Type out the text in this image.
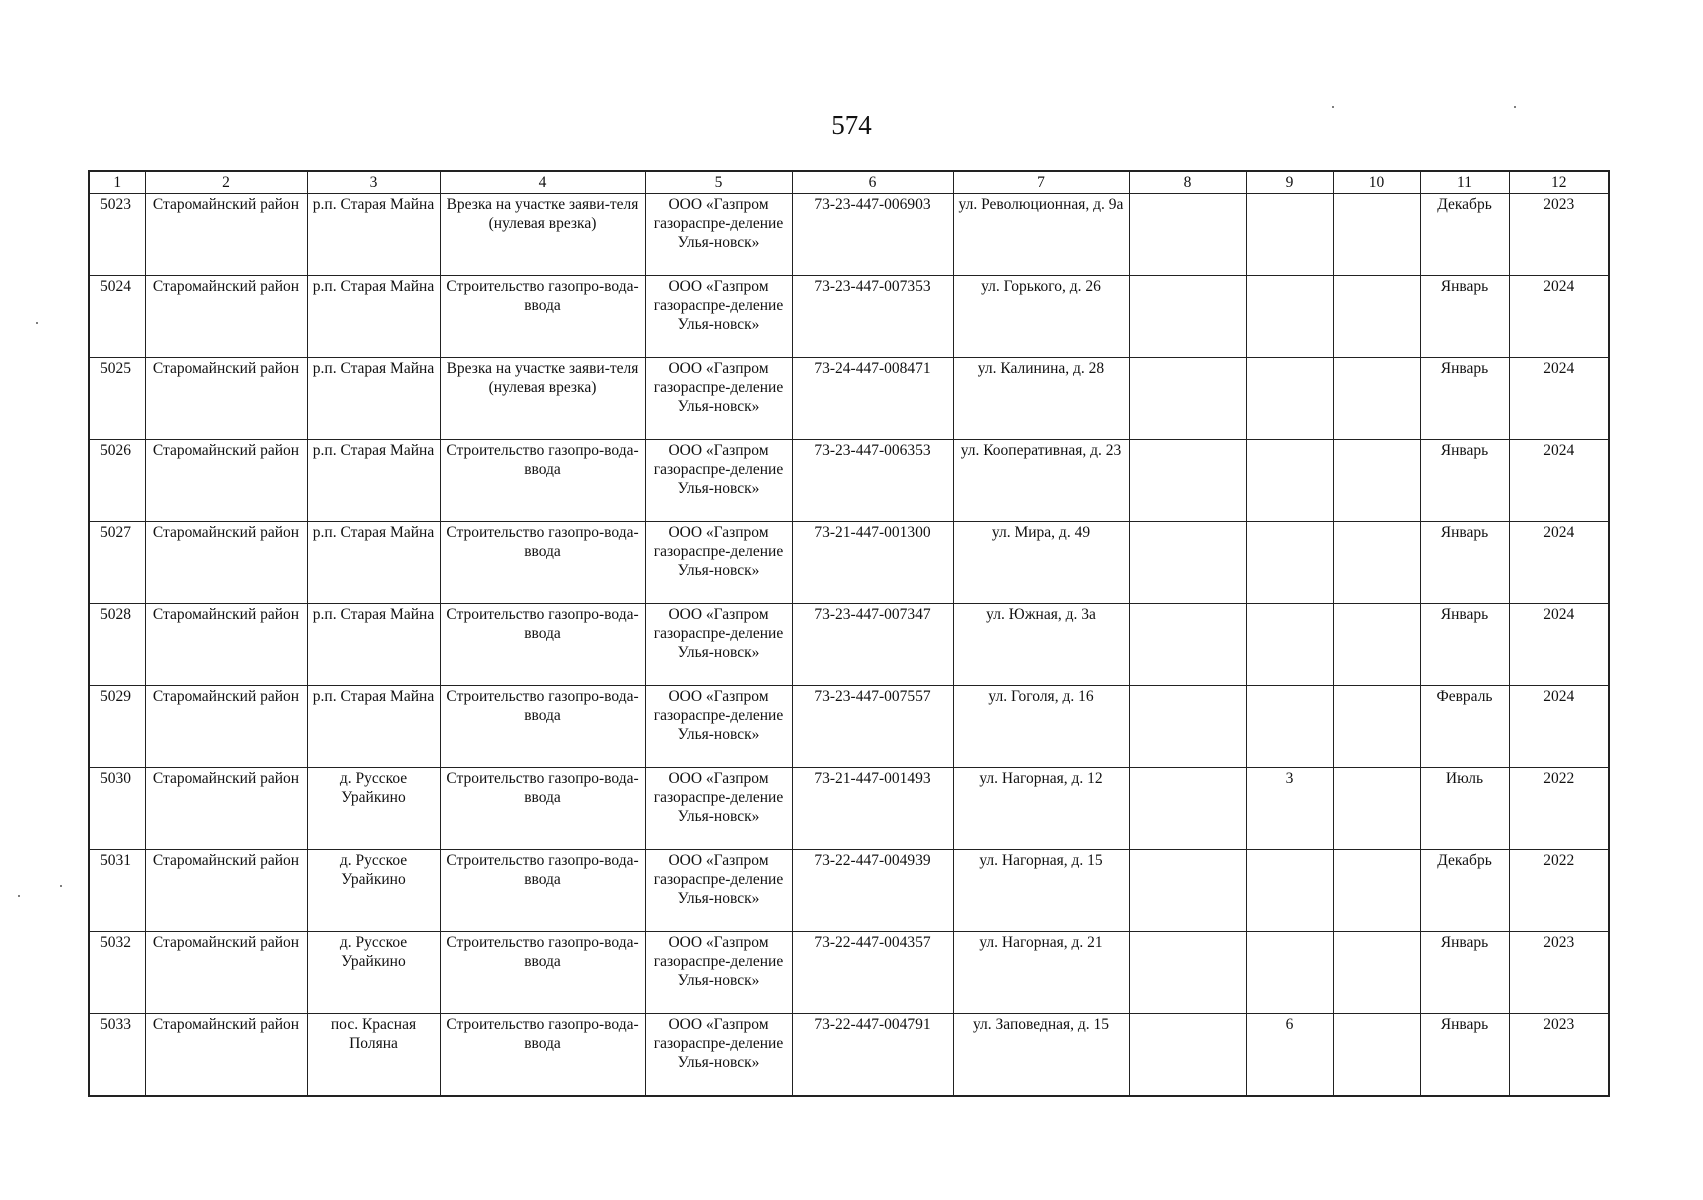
574
1	2	3	4	5	6	7	8	9	10	11	12
5023	Старомайнский район	р.п. Старая Майна	Врезка на участке заяви-теля (нулевая врезка)	ООО «Газпром газораспре-деление Улья-новск»	73-23-447-006903	ул. Революционная, д. 9а				Декабрь	2023
5024	Старомайнский район	р.п. Старая Майна	Строительство газопро-вода-ввода	ООО «Газпром газораспре-деление Улья-новск»	73-23-447-007353	ул. Горького, д. 26				Январь	2024
5025	Старомайнский район	р.п. Старая Майна	Врезка на участке заяви-теля (нулевая врезка)	ООО «Газпром газораспре-деление Улья-новск»	73-24-447-008471	ул. Калинина, д. 28				Январь	2024
5026	Старомайнский район	р.п. Старая Майна	Строительство газопро-вода-ввода	ООО «Газпром газораспре-деление Улья-новск»	73-23-447-006353	ул. Кооперативная, д. 23				Январь	2024
5027	Старомайнский район	р.п. Старая Майна	Строительство газопро-вода-ввода	ООО «Газпром газораспре-деление Улья-новск»	73-21-447-001300	ул. Мира, д. 49				Январь	2024
5028	Старомайнский район	р.п. Старая Майна	Строительство газопро-вода-ввода	ООО «Газпром газораспре-деление Улья-новск»	73-23-447-007347	ул. Южная, д. 3а				Январь	2024
5029	Старомайнский район	р.п. Старая Майна	Строительство газопро-вода-ввода	ООО «Газпром газораспре-деление Улья-новск»	73-23-447-007557	ул. Гоголя, д. 16				Февраль	2024
5030	Старомайнский район	д. Русское Урайкино	Строительство газопро-вода-ввода	ООО «Газпром газораспре-деление Улья-новск»	73-21-447-001493	ул. Нагорная, д. 12		3		Июль	2022
5031	Старомайнский район	д. Русское Урайкино	Строительство газопро-вода-ввода	ООО «Газпром газораспре-деление Улья-новск»	73-22-447-004939	ул. Нагорная, д. 15				Декабрь	2022
5032	Старомайнский район	д. Русское Урайкино	Строительство газопро-вода-ввода	ООО «Газпром газораспре-деление Улья-новск»	73-22-447-004357	ул. Нагорная, д. 21				Январь	2023
5033	Старомайнский район	пос. Красная Поляна	Строительство газопро-вода-ввода	ООО «Газпром газораспре-деление Улья-новск»	73-22-447-004791	ул. Заповедная, д. 15		6		Январь	2023
